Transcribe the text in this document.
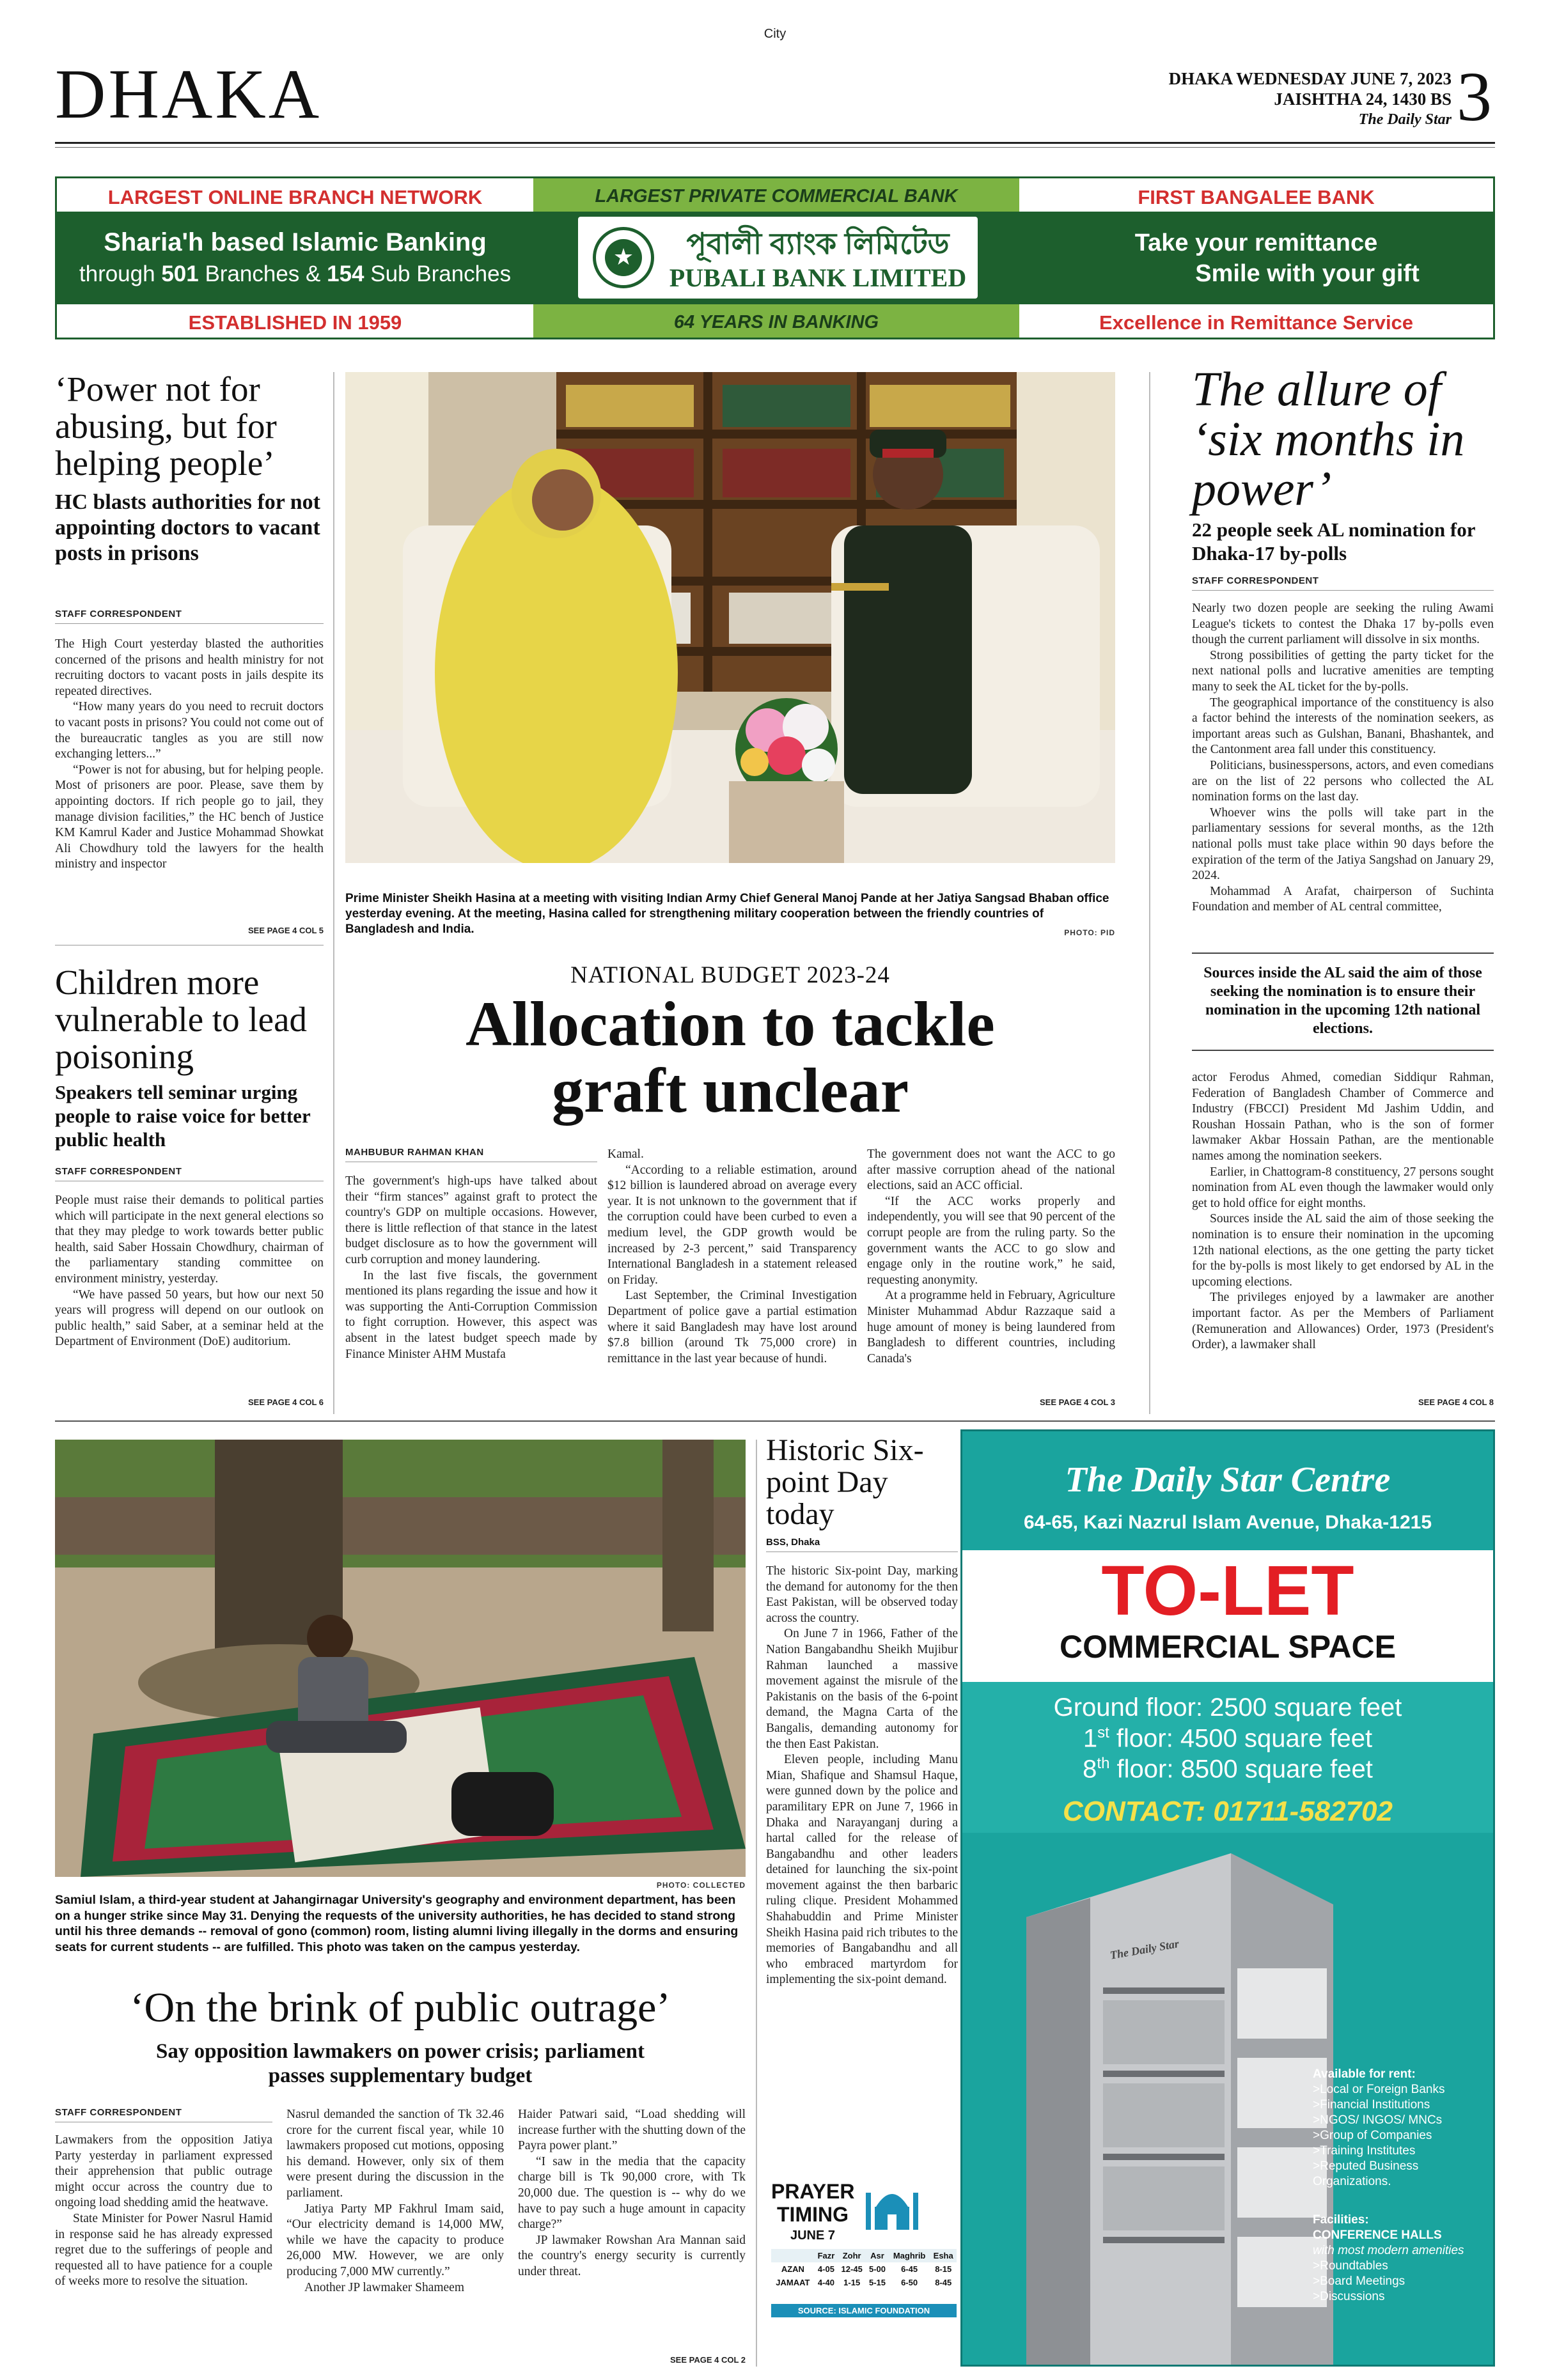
City
DHAKA	DHAKA WEDNESDAY JUNE 7, 2023
JAISHTHA 24, 1430 BS
The Daily Star 3
LARGEST ONLINE BRANCH NETWORK	LARGEST PRIVATE COMMERCIAL BANK	FIRST BANGALEE BANK
Sharia'h based Islamic Banking
through 501 Branches & 154 Sub Branches
★	পূবালী ব্যাংক লিমিটেড
PUBALI BANK LIMITED
Take your remittance
Smile with your gift
ESTABLISHED IN 1959	64 YEARS IN BANKING	Excellence in Remittance Service
‘Power not for abusing, but for helping people’
HC blasts authorities for not appointing doctors to vacant posts in prisons
STAFF CORRESPONDENT

The High Court yesterday blasted the authorities concerned of the prisons and health ministry for not recruiting doctors to vacant posts in jails despite its repeated directives.

“How many years do you need to recruit doctors to vacant posts in prisons? You could not come out of the bureaucratic tangles as you are still now exchanging letters...”

“Power is not for abusing, but for helping people. Most of prisoners are poor. Please, save them by appointing doctors. If rich people go to jail, they manage division facilities,” the HC bench of Justice KM Kamrul Kader and Justice Mohammad Showkat Ali Chowdhury told the lawyers for the health ministry and inspector

SEE PAGE 4 COL 5
Children more vulnerable to lead poisoning
Speakers tell seminar urging people to raise voice for better public health
STAFF CORRESPONDENT

People must raise their demands to political parties which will participate in the next general elections so that they may pledge to work towards better public health, said Saber Hossain Chowdhury, chairman of the parliamentary standing committee on environment ministry, yesterday.

“We have passed 50 years, but how our next 50 years will progress will depend on our outlook on public health,” said Saber, at a seminar held at the Department of Environment (DoE) auditorium.

SEE PAGE 4 COL 6
Prime Minister Sheikh Hasina at a meeting with visiting Indian Army Chief General Manoj Pande at her Jatiya Sangsad Bhaban office yesterday evening. At the meeting, Hasina called for strengthening military cooperation between the friendly countries of Bangladesh and India.	PHOTO: PID
NATIONAL BUDGET 2023-24
Allocation to tackle
graft unclear
MAHBUBUR RAHMAN KHAN

The government's high-ups have talked about their “firm stances” against graft to protect the country's GDP on multiple occasions. However, there is little reflection of that stance in the latest budget disclosure as to how the government will curb corruption and money laundering.

In the last five fiscals, the government mentioned its plans regarding the issue and how it was supporting the Anti-Corruption Commission to fight corruption. However, this aspect was absent in the latest budget speech made by Finance Minister AHM Mustafa

Kamal.

“According to a reliable estimation, around $12 billion is laundered abroad on average every year. It is not unknown to the government that if the corruption could have been curbed to even a medium level, the GDP growth would be increased by 2-3 percent,” said Transparency International Bangladesh in a statement released on Friday.

Last September, the Criminal Investigation Department of police gave a partial estimation where it said Bangladesh may have lost around $7.8 billion (around Tk 75,000 crore) in remittance in the last year because of hundi.

The government does not want the ACC to go after massive corruption ahead of the national elections, said an ACC official.

“If the ACC works properly and independently, you will see that 90 percent of the corrupt people are from the ruling party. So the government wants the ACC to go slow and engage only in the routine work,” he said, requesting anonymity.

At a programme held in February, Agriculture Minister Muhammad Abdur Razzaque said a huge amount of money is being laundered from Bangladesh to different countries, including Canada's

SEE PAGE 4 COL 3
The allure of ‘six months in power’
22 people seek AL nomination for Dhaka-17 by-polls
STAFF CORRESPONDENT

Nearly two dozen people are seeking the ruling Awami League's tickets to contest the Dhaka 17 by-polls even though the current parliament will dissolve in six months.

Strong possibilities of getting the party ticket for the next national polls and lucrative amenities are tempting many to seek the AL ticket for the by-polls.

The geographical importance of the constituency is also a factor behind the interests of the nomination seekers, as important areas such as Gulshan, Banani, Bhashantek, and the Cantonment area fall under this constituency.

Politicians, businesspersons, actors, and even comedians are on the list of 22 persons who collected the AL nomination forms on the last day.

Whoever wins the polls will take part in the parliamentary sessions for several months, as the 12th national polls must take place within 90 days before the expiration of the term of the Jatiya Sangshad on January 29, 2024.

Mohammad A Arafat, chairperson of Suchinta Foundation and member of AL central committee,

Sources inside the AL said the aim of those seeking the nomination is to ensure their nomination in the upcoming 12th national elections.

actor Ferodus Ahmed, comedian Siddiqur Rahman, Federation of Bangladesh Chamber of Commerce and Industry (FBCCI) President Md Jashim Uddin, and Roushan Hossain Pathan, who is the son of former lawmaker Akbar Hossain Pathan, are the mentionable names among the nomination seekers.

Earlier, in Chattogram-8 constituency, 27 persons sought nomination from AL even though the lawmaker would only get to hold office for eight months.

Sources inside the AL said the aim of those seeking the nomination is to ensure their nomination in the upcoming 12th national elections, as the one getting the party ticket for the by-polls is most likely to get endorsed by AL in the upcoming elections.

The privileges enjoyed by a lawmaker are another important factor. As per the Members of Parliament (Remuneration and Allowances) Order, 1973 (President's Order), a lawmaker shall

SEE PAGE 4 COL 8
PHOTO: COLLECTED
Samiul Islam, a third-year student at Jahangirnagar University's geography and environment department, has been on a hunger strike since May 31. Denying the requests of the university authorities, he has decided to stand strong until his three demands -- removal of gono (common) room, listing alumni living illegally in the dorms and ensuring seats for current students -- are fulfilled. This photo was taken on the campus yesterday.
‘On the brink of public outrage’
Say opposition lawmakers on power crisis; parliament
passes supplementary budget
STAFF CORRESPONDENT

Lawmakers from the opposition Jatiya Party yesterday in parliament expressed their apprehension that public outrage might occur across the country due to ongoing load shedding amid the heatwave.

State Minister for Power Nasrul Hamid in response said he has already expressed regret due to the sufferings of people and requested all to have patience for a couple of weeks more to resolve the situation.

Nasrul demanded the sanction of Tk 32.46 crore for the current fiscal year, while 10 lawmakers proposed cut motions, opposing his demand. However, only six of them were present during the discussion in the parliament.

Jatiya Party MP Fakhrul Imam said, “Our electricity demand is 14,000 MW, while we have the capacity to produce 26,000 MW. However, we are only producing 7,000 MW currently.”

Another JP lawmaker Shameem

Haider Patwari said, “Load shedding will increase further with the shutting down of the Payra power plant.”

“I saw in the media that the capacity charge bill is Tk 90,000 crore, with Tk 20,000 due. The question is -- why do we have to pay such a huge amount in capacity charge?”

JP lawmaker Rowshan Ara Mannan said the country's energy security is currently under threat.

SEE PAGE 4 COL 2
Historic Six-point Day today
BSS, Dhaka

The historic Six-point Day, marking the demand for autonomy for the then East Pakistan, will be observed today across the country.

On June 7 in 1966, Father of the Nation Bangabandhu Sheikh Mujibur Rahman launched a massive movement against the misrule of the Pakistanis on the basis of the 6-point demand, the Magna Carta of the Bangalis, demanding autonomy for the then East Pakistan.

Eleven people, including Manu Mian, Shafique and Shamsul Haque, were gunned down by the police and paramilitary EPR on June 7, 1966 in Dhaka and Narayanganj during a hartal called for the release of Bangabandhu and other leaders detained for launching the six-point movement against the then barbaric ruling clique. President Mohammed Shahabuddin and Prime Minister Sheikh Hasina paid rich tributes to the memories of Bangabandhu and all who embraced martyrdom for implementing the six-point demand.

PRAYER
TIMING
JUNE 7
	Fazr	Zohr	Asr	Maghrib	Esha
AZAN	4-05	12-45	5-00	6-45	8-15
JAMAAT	4-40	1-15	5-15	6-50	8-45
SOURCE: ISLAMIC FOUNDATION
The Daily Star Centre
64-65, Kazi Nazrul Islam Avenue, Dhaka-1215
TO-LET
COMMERCIAL SPACE
Ground floor: 2500 square feet
1st floor: 4500 square feet
8th floor: 8500 square feet
CONTACT: 01711-582702
The Daily Star
Available for rent:
>Local or Foreign Banks
>Financial Institutions
>NGOS/ INGOS/ MNCs
>Group of Companies
>Training Institutes
>Reputed Business Organizations.
Facilities:
CONFERENCE HALLS
with most modern amenities
>Roundtables
>Board Meetings
>Discussions
